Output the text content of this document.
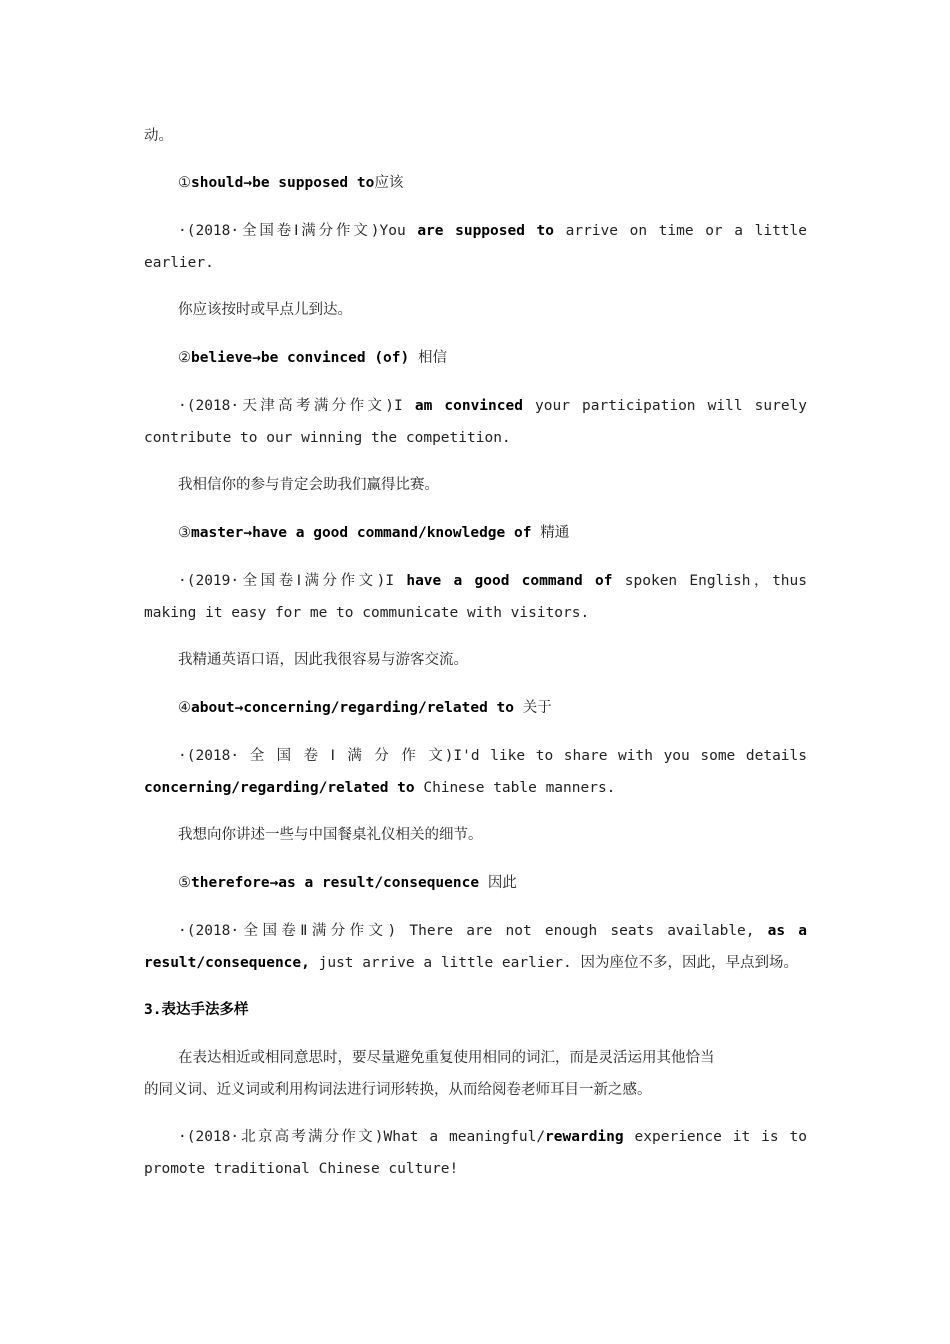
动。
①should→be supposed to应该
·(2018·全国卷Ⅰ满分作文)You are supposed to arrive on time or a little
earlier.
你应该按时或早点儿到达。
②believe→be convinced (of) 相信
·(2018·天津高考满分作文)I am convinced your participation will surely
contribute to our winning the competition.
我相信你的参与肯定会助我们赢得比赛。
③master→have a good command/knowledge of 精通
·(2019·全国卷Ⅰ满分作文)I have a good command of spoken English，thus
making it easy for me to communicate with visitors.
我精通英语口语，因此我很容易与游客交流。
④about→concerning/regarding/related to 关于
·(2018· 全 国 卷 Ⅰ 满 分 作 文)I'd like to share with you some details
concerning/regarding/related to Chinese table manners.
我想向你讲述一些与中国餐桌礼仪相关的细节。
⑤therefore→as a result/consequence 因此
·(2018·全国卷Ⅱ满分作文) There are not enough seats available, as a
result/consequence, just arrive a little earlier. 因为座位不多，因此，早点到场。
3.表达手法多样
在表达相近或相同意思时，要尽量避免重复使用相同的词汇，而是灵活运用其他恰当
的同义词、近义词或利用构词法进行词形转换，从而给阅卷老师耳目一新之感。
·(2018·北京高考满分作文)What a meaningful/rewarding experience it is to
promote traditional Chinese culture!
